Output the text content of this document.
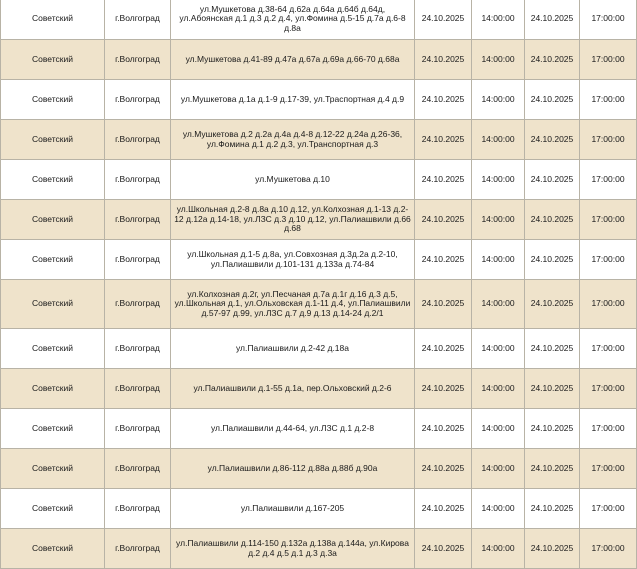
Советский	г.Волгоград	ул.Мушкетова д.38-64 д.62а д.64а д.64б д.64д, ул.Абоянская д.1 д.3 д.2 д.4, ул.Фомина д.5-15 д.7а д.6-8 д.8а	24.10.2025	14:00:00	24.10.2025	17:00:00
Советский	г.Волгоград	ул.Мушкетова д.41-89 д.47а д.67а д.69а д.66-70 д.68а	24.10.2025	14:00:00	24.10.2025	17:00:00
Советский	г.Волгоград	ул.Мушкетова д.1а д.1-9 д.17-39, ул.Траспортная д.4 д.9	24.10.2025	14:00:00	24.10.2025	17:00:00
Советский	г.Волгоград	ул.Мушкетова д.2 д.2а д.4а д.4-8 д.12-22 д.24а д.26-36, ул.Фомина д.1 д.2 д.3, ул.Транспортная д.3	24.10.2025	14:00:00	24.10.2025	17:00:00
Советский	г.Волгоград	ул.Мушкетова д.10	24.10.2025	14:00:00	24.10.2025	17:00:00
Советский	г.Волгоград	ул.Школьная д.2-8 д.8а д.10 д.12, ул.Колхозная д.1-13 д.2-12 д.12а д.14-18, ул.ЛЗС д.3 д.10 д.12, ул.Палиашвили д.66 д.68	24.10.2025	14:00:00	24.10.2025	17:00:00
Советский	г.Волгоград	ул.Школьная д.1-5 д.8а, ул.Совхозная д.3д.2а д.2-10, ул.Палиашвили д.101-131 д.133а д.74-84	24.10.2025	14:00:00	24.10.2025	17:00:00
Советский	г.Волгоград	ул.Колхозная д.2г, ул.Песчаная д.7а д.1г д.16 д.3 д.5, ул.Школьная д.1, ул.Ольховская д.1-11 д.4, ул.Палиашвили д.57-97 д.99, ул.ЛЗС д.7 д.9 д.13 д.14-24 д.2/1	24.10.2025	14:00:00	24.10.2025	17:00:00
Советский	г.Волгоград	ул.Палиашвили д.2-42 д.18а	24.10.2025	14:00:00	24.10.2025	17:00:00
Советский	г.Волгоград	ул.Палиашвили д.1-55 д.1а, пер.Ольховский д.2-6	24.10.2025	14:00:00	24.10.2025	17:00:00
Советский	г.Волгоград	ул.Палиашвили д.44-64, ул.ЛЗС д.1 д.2-8	24.10.2025	14:00:00	24.10.2025	17:00:00
Советский	г.Волгоград	ул.Палиашвили д.86-112 д.88а д.88б д.90а	24.10.2025	14:00:00	24.10.2025	17:00:00
Советский	г.Волгоград	ул.Палиашвили д.167-205	24.10.2025	14:00:00	24.10.2025	17:00:00
Советский	г.Волгоград	ул.Палиашвили д.114-150 д.132а д.138а д.144а, ул.Кирова д.2 д.4 д.5 д.1 д.3 д.3а	24.10.2025	14:00:00	24.10.2025	17:00:00
